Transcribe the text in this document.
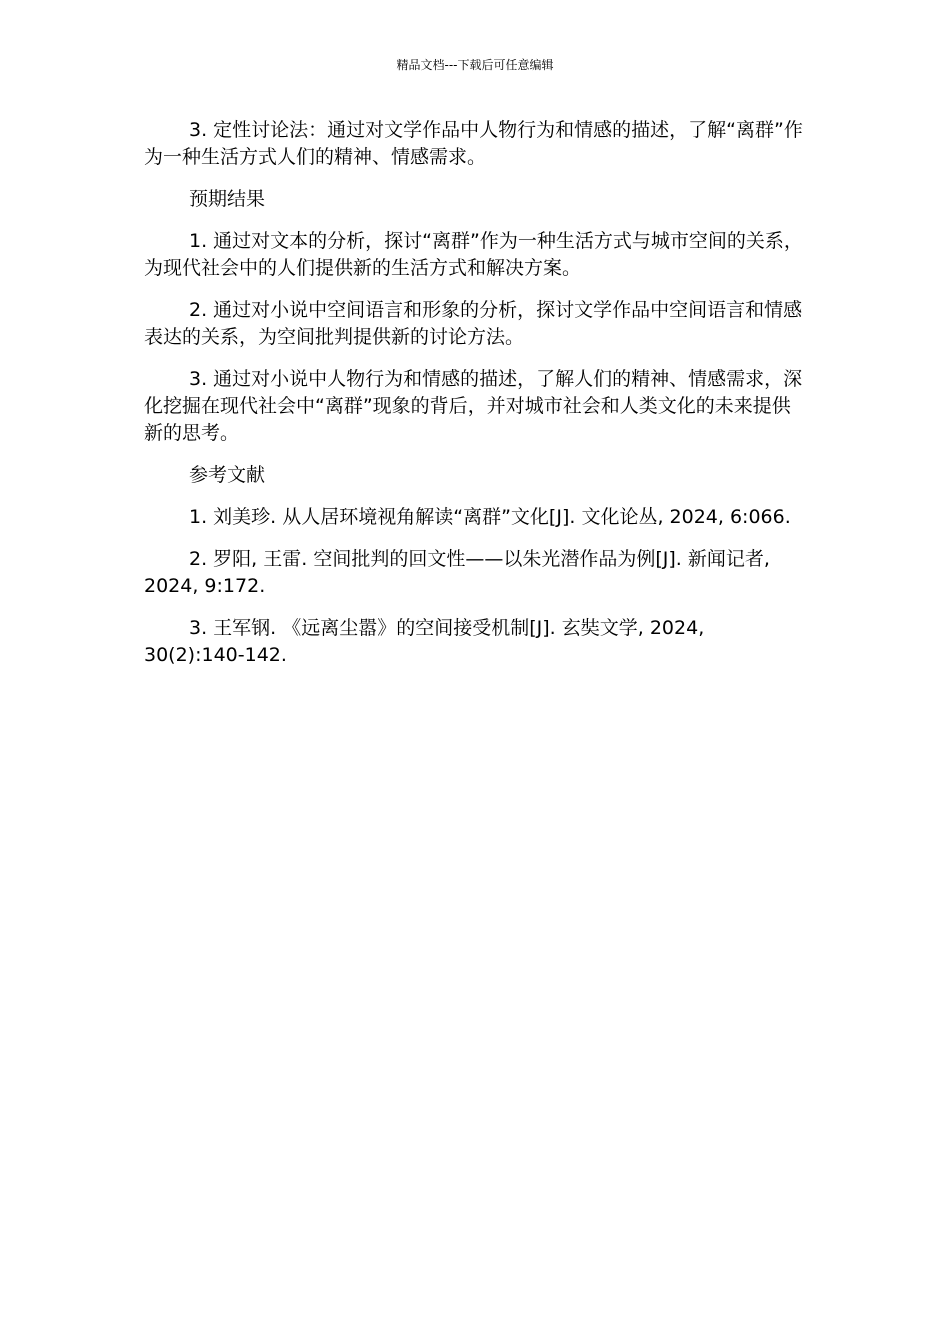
精品文档---下载后可任意编辑

3. 定性讨论法：通过对文学作品中人物行为和情感的描述，了解“离群”作为一种生活方式人们的精神、情感需求。

预期结果

1. 通过对文本的分析，探讨“离群”作为一种生活方式与城市空间的关系，为现代社会中的人们提供新的生活方式和解决方案。

2. 通过对小说中空间语言和形象的分析，探讨文学作品中空间语言和情感表达的关系，为空间批判提供新的讨论方法。

3. 通过对小说中人物行为和情感的描述，了解人们的精神、情感需求，深化挖掘在现代社会中“离群”现象的背后，并对城市社会和人类文化的未来提供新的思考。

参考文献

1. 刘美珍. 从人居环境视角解读“离群”文化[J]. 文化论丛, 2024, 6:066.

2. 罗阳, 王雷. 空间批判的回文性——以朱光潜作品为例[J]. 新闻记者, 2024, 9:172.

3. 王军钢. 《远离尘嚣》的空间接受机制[J]. 玄奘文学, 2024, 30(2):140-142.
